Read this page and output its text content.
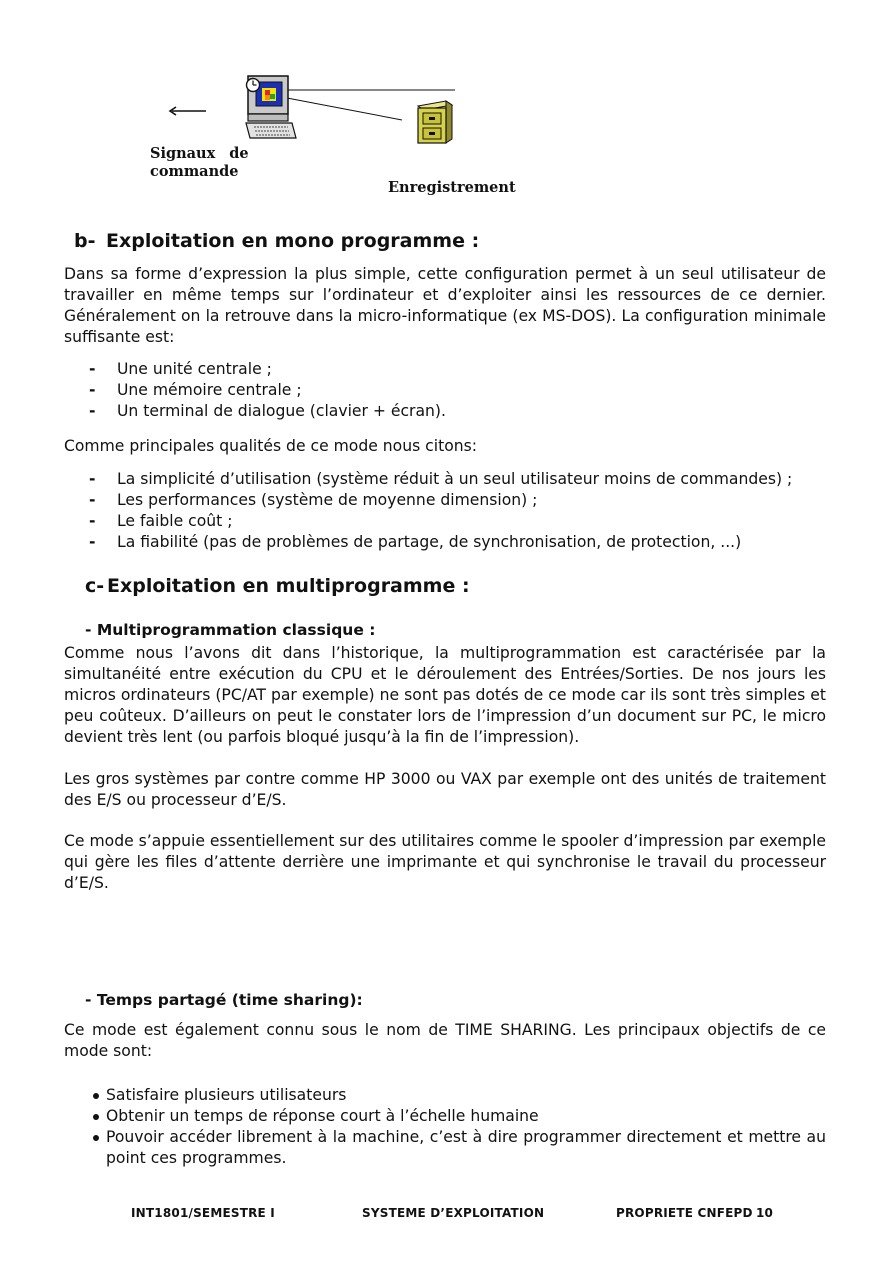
Signaux de
commande
Enregistrement
b- Exploitation en mono programme :

Dans sa forme d’expression la plus simple, cette configuration permet à un seul utilisateur de travailler en même temps sur l’ordinateur et d’exploiter ainsi les ressources de ce dernier. Généralement on la retrouve dans la micro-informatique (ex MS-DOS). La configuration minimale suffisante est:

- Une unité centrale ;
- Une mémoire centrale ;
- Un terminal de dialogue (clavier + écran).

Comme principales qualités de ce mode nous citons:

- La simplicité d’utilisation (système réduit à un seul utilisateur moins de commandes) ;
- Les performances (système de moyenne dimension) ;
- Le faible coût ;
- La fiabilité (pas de problèmes de partage, de synchronisation, de protection, ...)
c- Exploitation en multiprogramme :
- Multiprogrammation classique :

Comme nous l’avons dit dans l’historique, la multiprogrammation est caractérisée par la simultanéité entre exécution du CPU et le déroulement des Entrées/Sorties. De nos jours les micros ordinateurs (PC/AT par exemple) ne sont pas dotés de ce mode car ils sont très simples et peu coûteux. D’ailleurs on peut le constater lors de l’impression d’un document sur PC, le micro devient très lent (ou parfois bloqué jusqu’à la fin de l’impression).

Les gros systèmes par contre comme HP 3000 ou VAX par exemple ont des unités de traitement des E/S ou processeur d’E/S.

Ce mode s’appuie essentiellement sur des utilitaires comme le spooler d’impression par exemple qui gère les files d’attente derrière une imprimante et qui synchronise le travail du processeur d’E/S.

- Temps partagé (time sharing):

Ce mode est également connu sous le nom de TIME SHARING. Les principaux objectifs de ce mode sont:

Satisfaire plusieurs utilisateurs
Obtenir un temps de réponse court à l’échelle humaine
Pouvoir accéder librement à la machine, c’est à dire programmer directement et mettre au point ces programmes.
INT1801/SEMESTRE I	SYSTEME D’EXPLOITATION	PROPRIETE CNFEPD 10
